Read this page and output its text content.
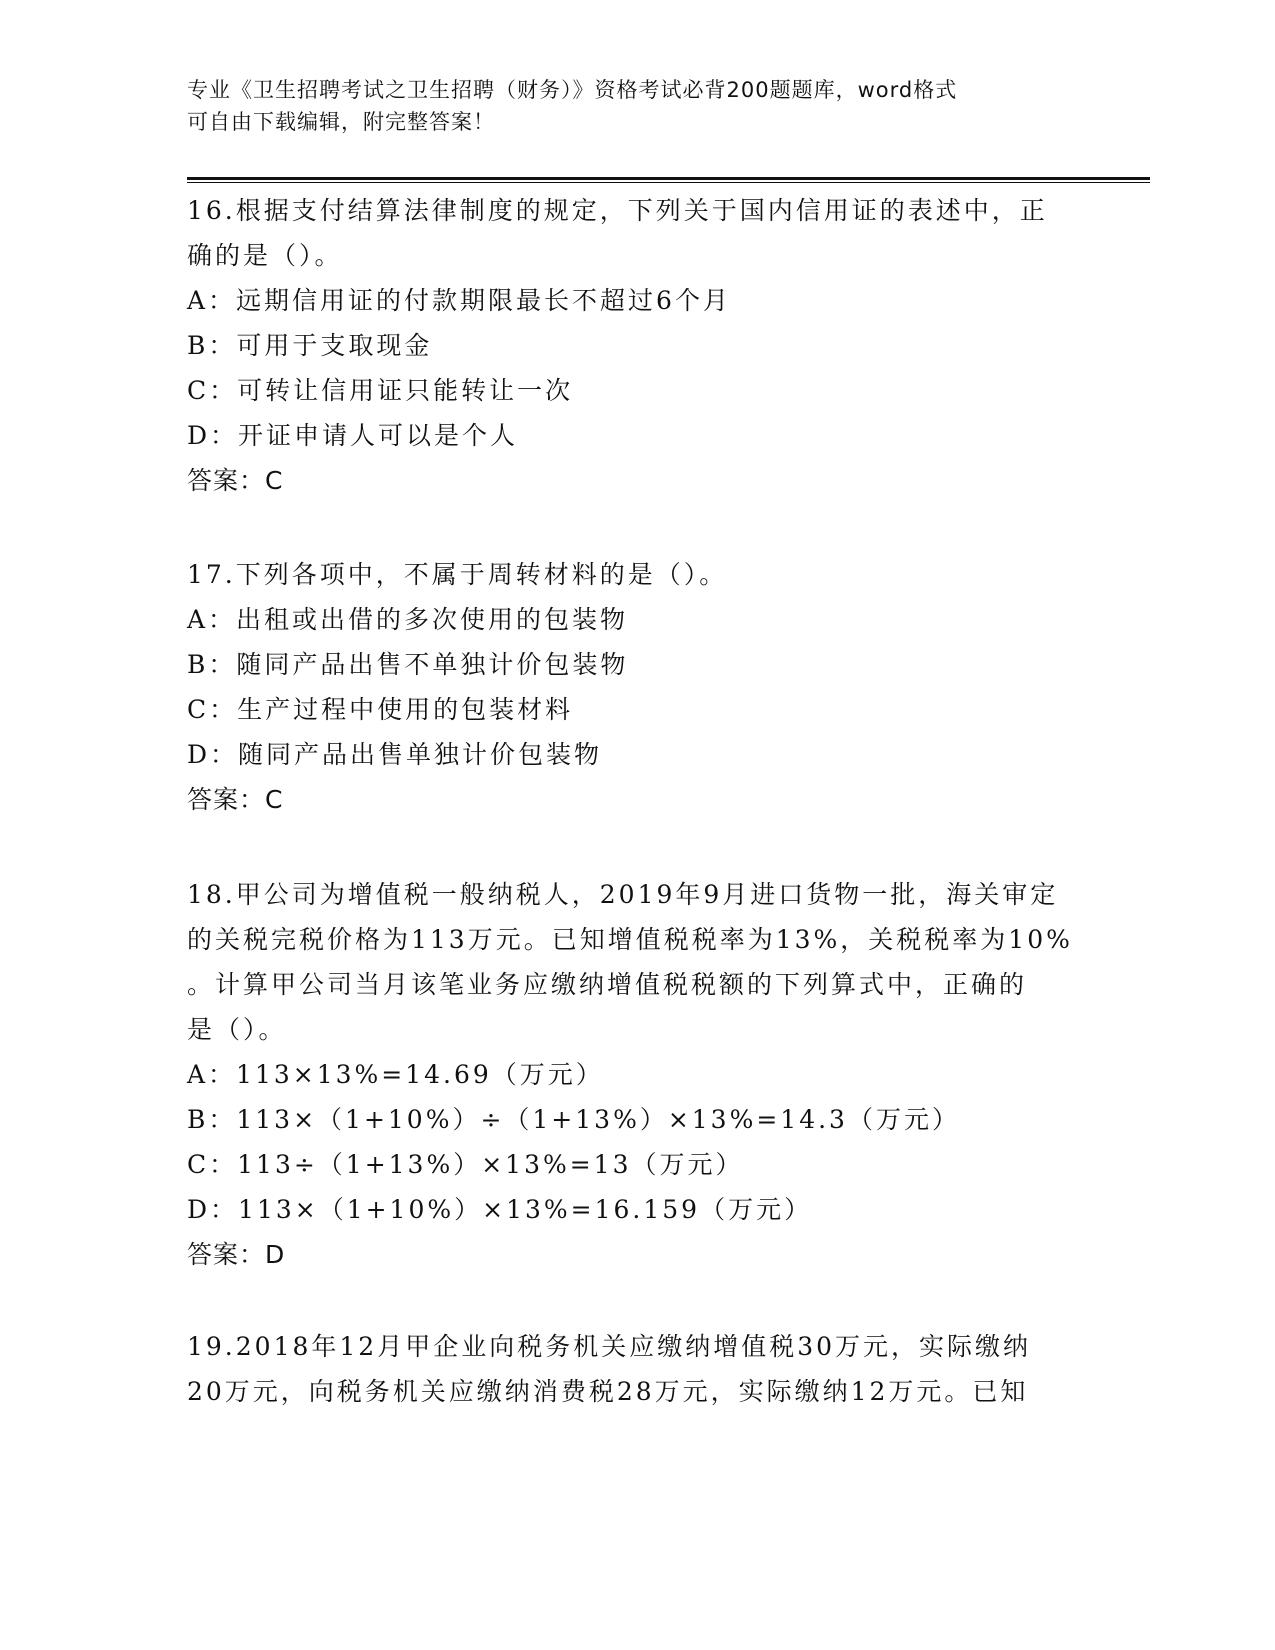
专业《卫生招聘考试之卫生招聘（财务）》资格考试必背200题题库，word格式
可自由下载编辑，附完整答案！
16.根据支付结算法律制度的规定，下列关于国内信用证的表述中，正
确的是（）。
A：远期信用证的付款期限最长不超过6个月
B：可用于支取现金
C：可转让信用证只能转让一次
D：开证申请人可以是个人
答案：C
17.下列各项中，不属于周转材料的是（）。
A：出租或出借的多次使用的包装物
B：随同产品出售不单独计价包装物
C：生产过程中使用的包装材料
D：随同产品出售单独计价包装物
答案：C
18.甲公司为增值税一般纳税人，2019年9月进口货物一批，海关审定
的关税完税价格为113万元。已知增值税税率为13%，关税税率为10%
。计算甲公司当月该笔业务应缴纳增值税税额的下列算式中，正确的
是（）。
A：113×13%=14.69（万元）
B：113×（1+10%）÷（1+13%）×13%=14.3（万元）
C：113÷（1+13%）×13%=13（万元）
D：113×（1+10%）×13%=16.159（万元）
答案：D
19.2018年12月甲企业向税务机关应缴纳增值税30万元，实际缴纳
20万元，向税务机关应缴纳消费税28万元，实际缴纳12万元。已知
